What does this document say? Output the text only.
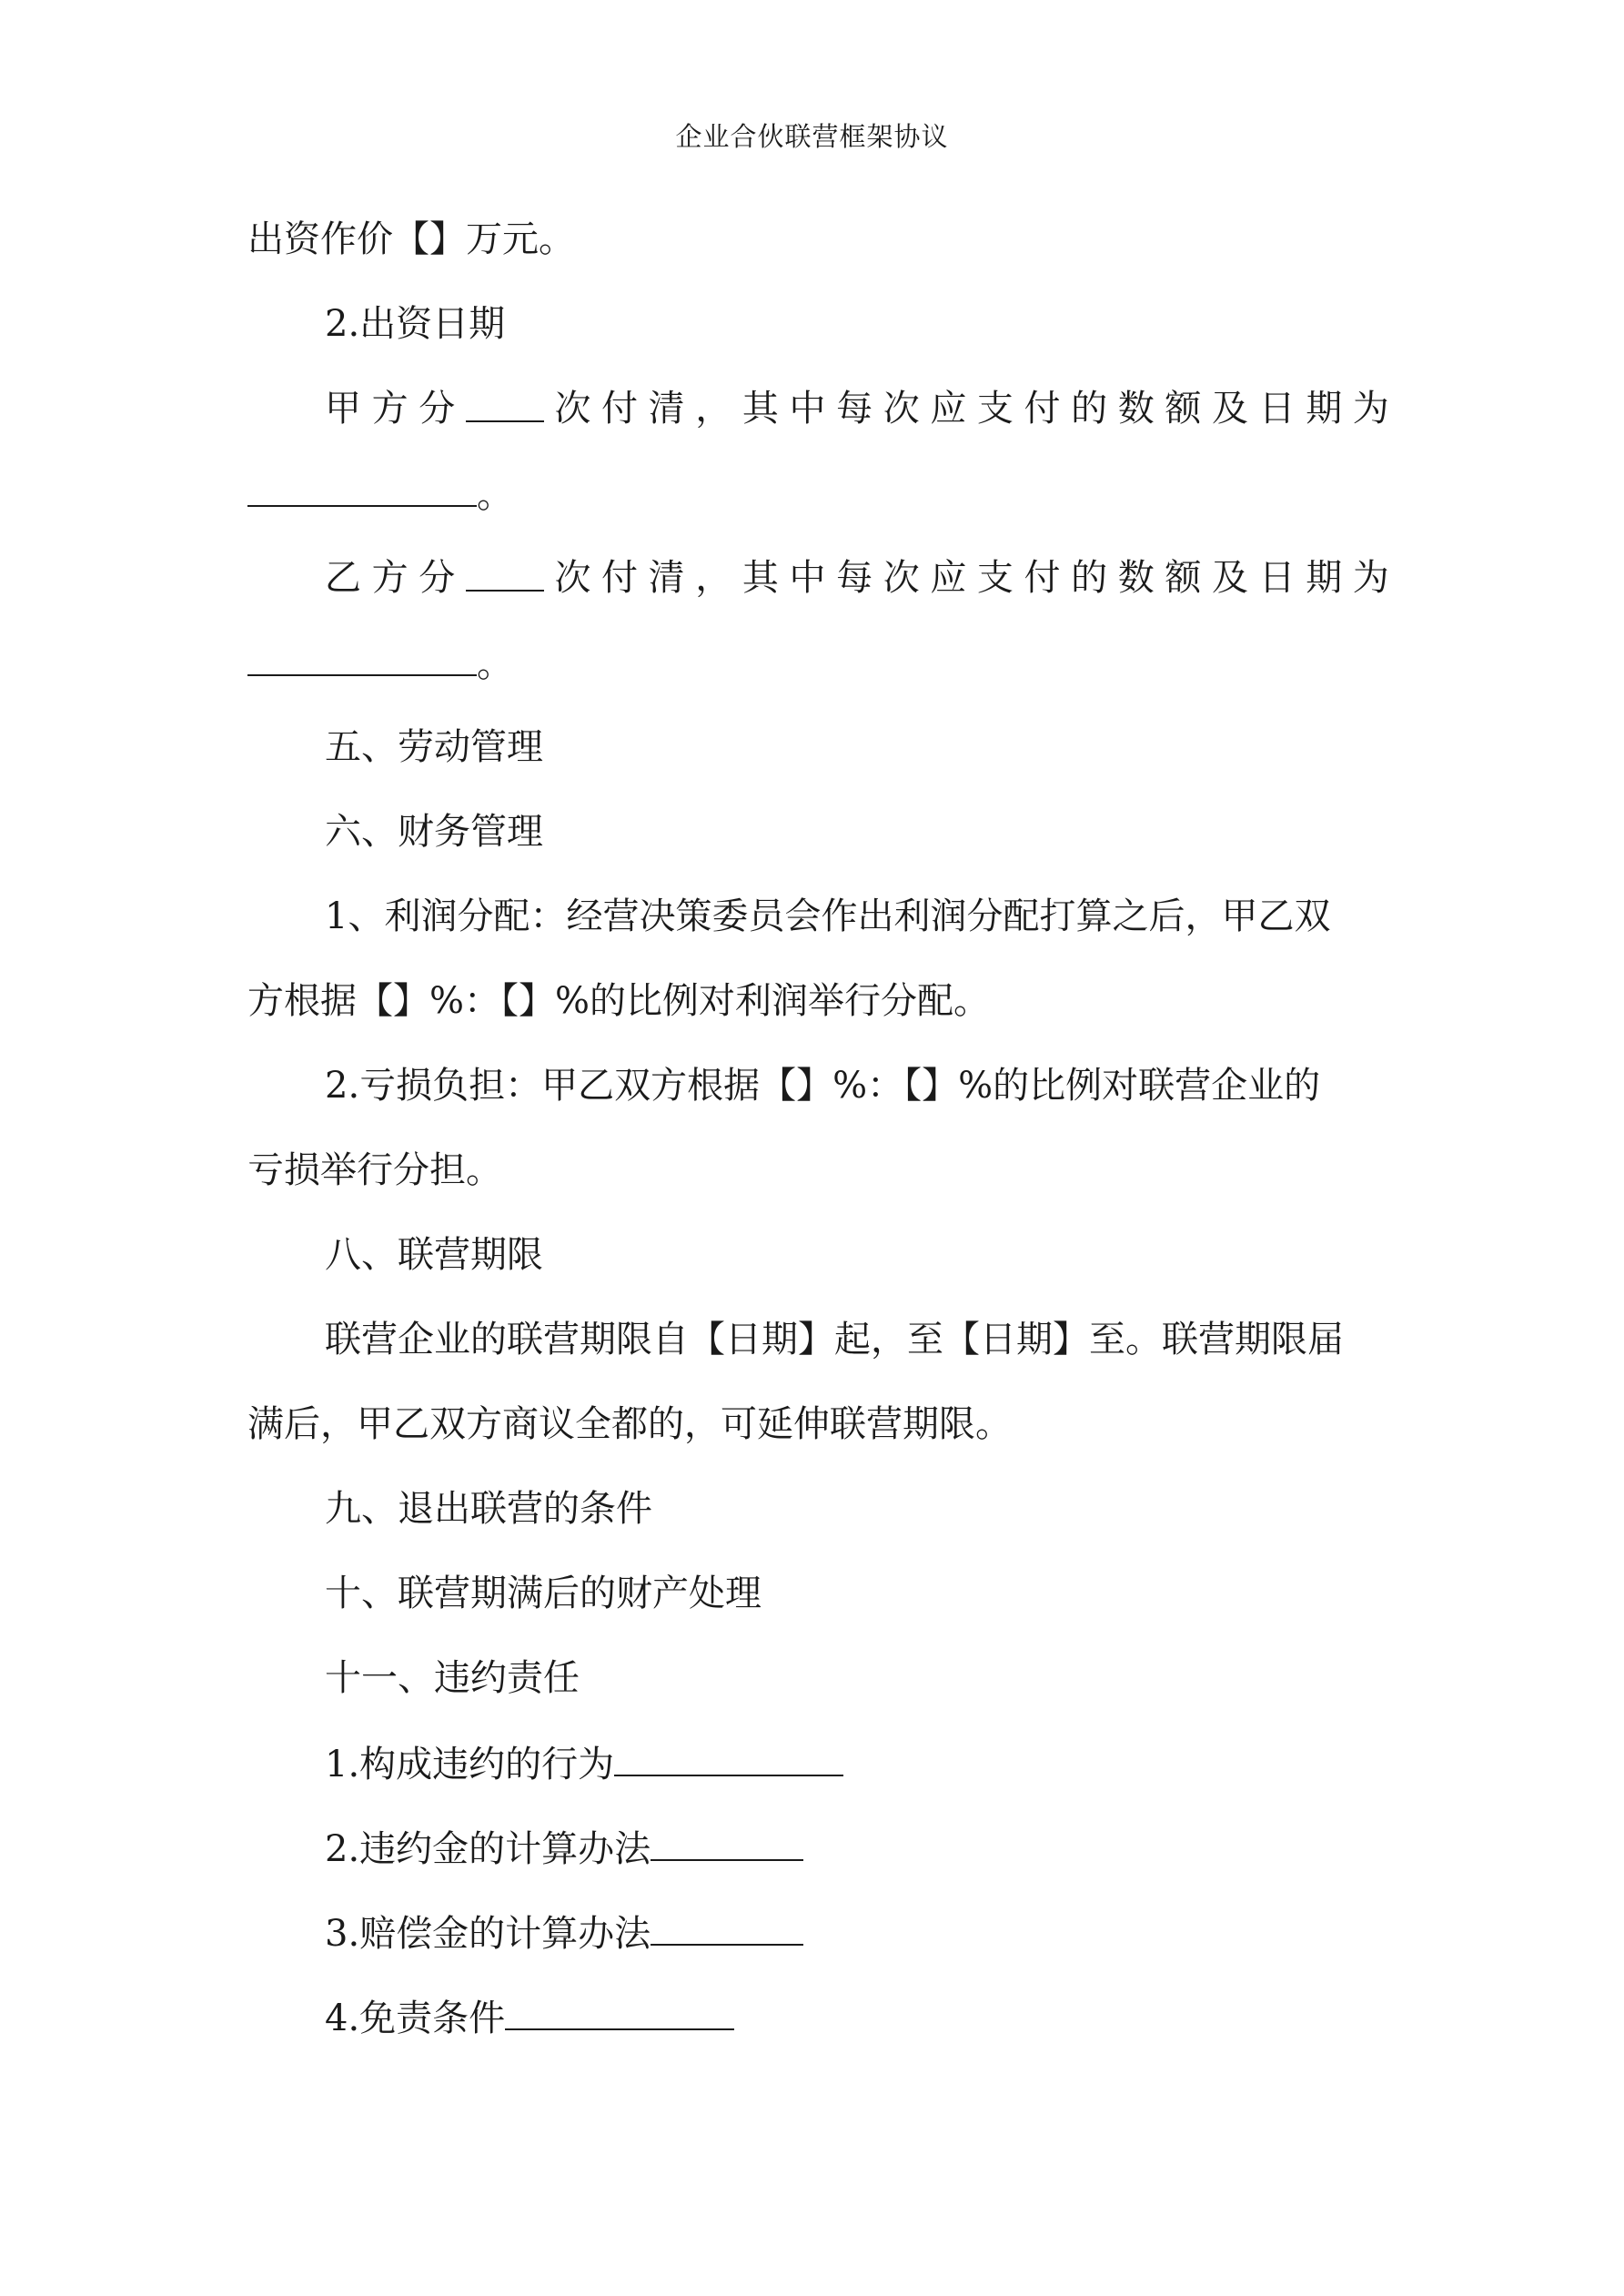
企业合伙联营框架协议
出资作价【】万元。
2.出资日期
甲 方 分	次 付 清 ， 其 中 每 次 应 支 付 的 数 额 及 日 期 为
。
乙 方 分	次 付 清 ， 其 中 每 次 应 支 付 的 数 额 及 日 期 为
。
五、劳动管理
六、财务管理
1、利润分配：经营决策委员会作出利润分配打算之后，甲乙双
方根据【】%：【】%的比例对利润举行分配。
2.亏损负担：甲乙双方根据【】%：【】%的比例对联营企业的
亏损举行分担。
八、联营期限
联营企业的联营期限自【日期】起，至【日期】至。联营期限届
满后，甲乙双方商议全都的，可延伸联营期限。
九、退出联营的条件
十、联营期满后的财产处理
十一、违约责任
1.构成违约的行为
2.违约金的计算办法
3.赔偿金的计算办法
4.免责条件
